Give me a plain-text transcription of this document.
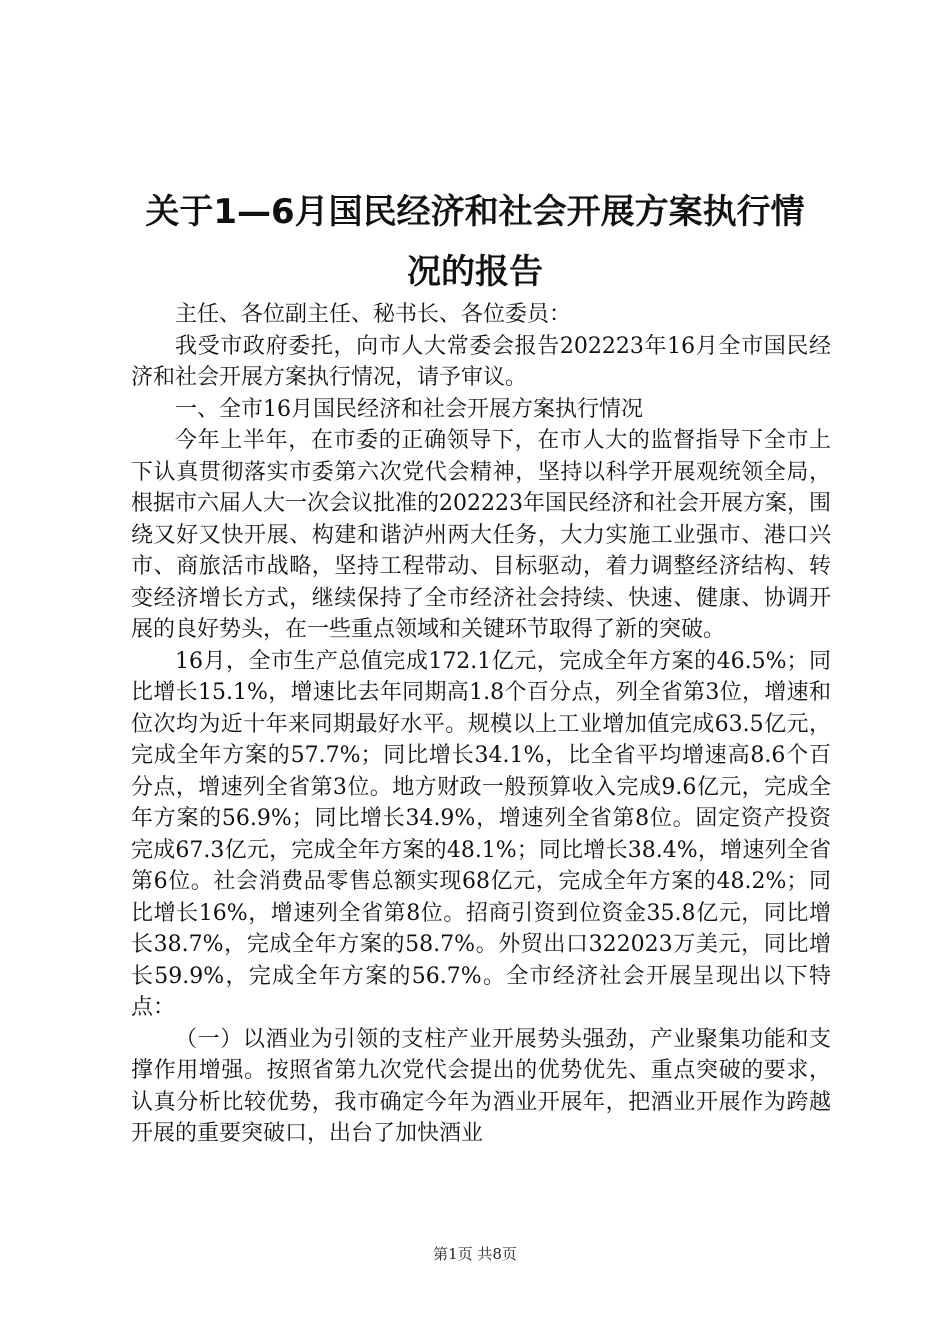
关于1—6月国民经济和社会开展方案执行情
况的报告

主任、各位副主任、秘书长、各位委员：

我受市政府委托，向市人大常委会报告202223年16月全市国民经济和社会开展方案执行情况，请予审议。

一、全市16月国民经济和社会开展方案执行情况

今年上半年，在市委的正确领导下，在市人大的监督指导下全市上下认真贯彻落实市委第六次党代会精神，坚持以科学开展观统领全局，根据市六届人大一次会议批准的202223年国民经济和社会开展方案，围绕又好又快开展、构建和谐泸州两大任务，大力实施工业强市、港口兴市、商旅活市战略，坚持工程带动、目标驱动，着力调整经济结构、转变经济增长方式，继续保持了全市经济社会持续、快速、健康、协调开展的良好势头，在一些重点领域和关键环节取得了新的突破。

16月，全市生产总值完成172.1亿元，完成全年方案的46.5%；同比增长15.1%，增速比去年同期高1.8个百分点，列全省第3位，增速和位次均为近十年来同期最好水平。规模以上工业增加值完成63.5亿元，完成全年方案的57.7%；同比增长34.1%，比全省平均增速高8.6个百分点，增速列全省第3位。地方财政一般预算收入完成9.6亿元，完成全年方案的56.9%；同比增长34.9%，增速列全省第8位。固定资产投资完成67.3亿元，完成全年方案的48.1%；同比增长38.4%，增速列全省第6位。社会消费品零售总额实现68亿元，完成全年方案的48.2%；同比增长16%，增速列全省第8位。招商引资到位资金35.8亿元，同比增长38.7%，完成全年方案的58.7%。外贸出口322023万美元，同比增长59.9%，完成全年方案的56.7%。全市经济社会开展呈现出以下特点：

（一）以酒业为引领的支柱产业开展势头强劲，产业聚集功能和支撑作用增强。按照省第九次党代会提出的优势优先、重点突破的要求，认真分析比较优势，我市确定今年为酒业开展年，把酒业开展作为跨越开展的重要突破口，出台了加快酒业

第1页 共8页
